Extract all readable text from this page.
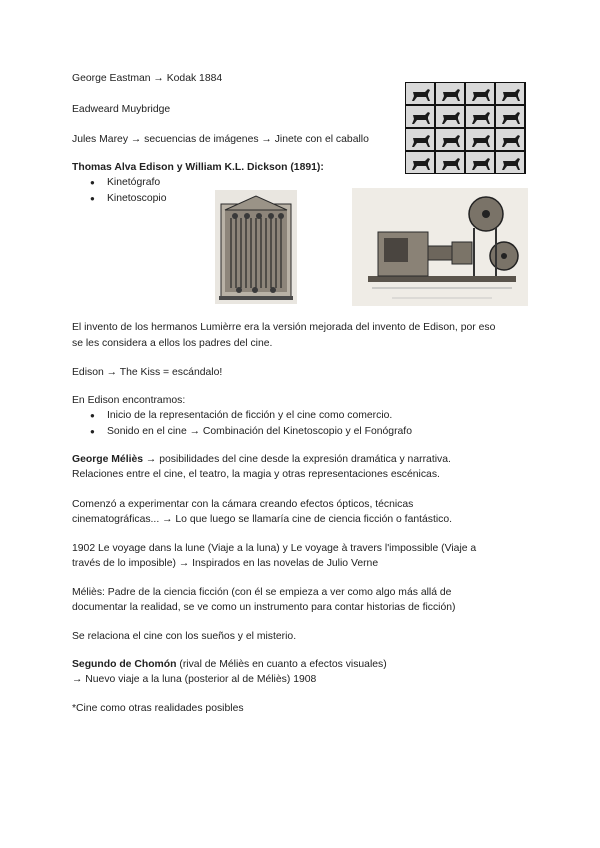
George Eastman → Kodak 1884
Eadweard Muybridge
Jules Marey → secuencias de imágenes → Jinete con el caballo
Thomas Alva Edison y William K.L. Dickson (1891):
● Kinetógrafo
● Kinetoscopio
El invento de los hermanos Lumièrre era la versión mejorada del invento de Edison, por eso
se les considera a ellos los padres del cine.
Edison → The Kiss = escándalo!
En Edison encontramos:
● Inicio de la representación de ficción y el cine como comercio.
● Sonido en el cine → Combinación del Kinetoscopio y el Fonógrafo
George Méliès → posibilidades del cine desde la expresión dramática y narrativa.
Relaciones entre el cine, el teatro, la magia y otras representaciones escénicas.
Comenzó a experimentar con la cámara creando efectos ópticos, técnicas
cinematográficas... → Lo que luego se llamaría cine de ciencia ficción o fantástico.
1902 Le voyage dans la lune (Viaje a la luna) y Le voyage à travers l'impossible (Viaje a
través de lo imposible) → Inspirados en las novelas de Julio Verne
Méliès: Padre de la ciencia ficción (con él se empieza a ver como algo más allá de
documentar la realidad, se ve como un instrumento para contar historias de ficción)
Se relaciona el cine con los sueños y el misterio.
Segundo de Chomón (rival de Méliès en cuanto a efectos visuales)
→ Nuevo viaje a la luna (posterior al de Méliès) 1908
*Cine como otras realidades posibles
